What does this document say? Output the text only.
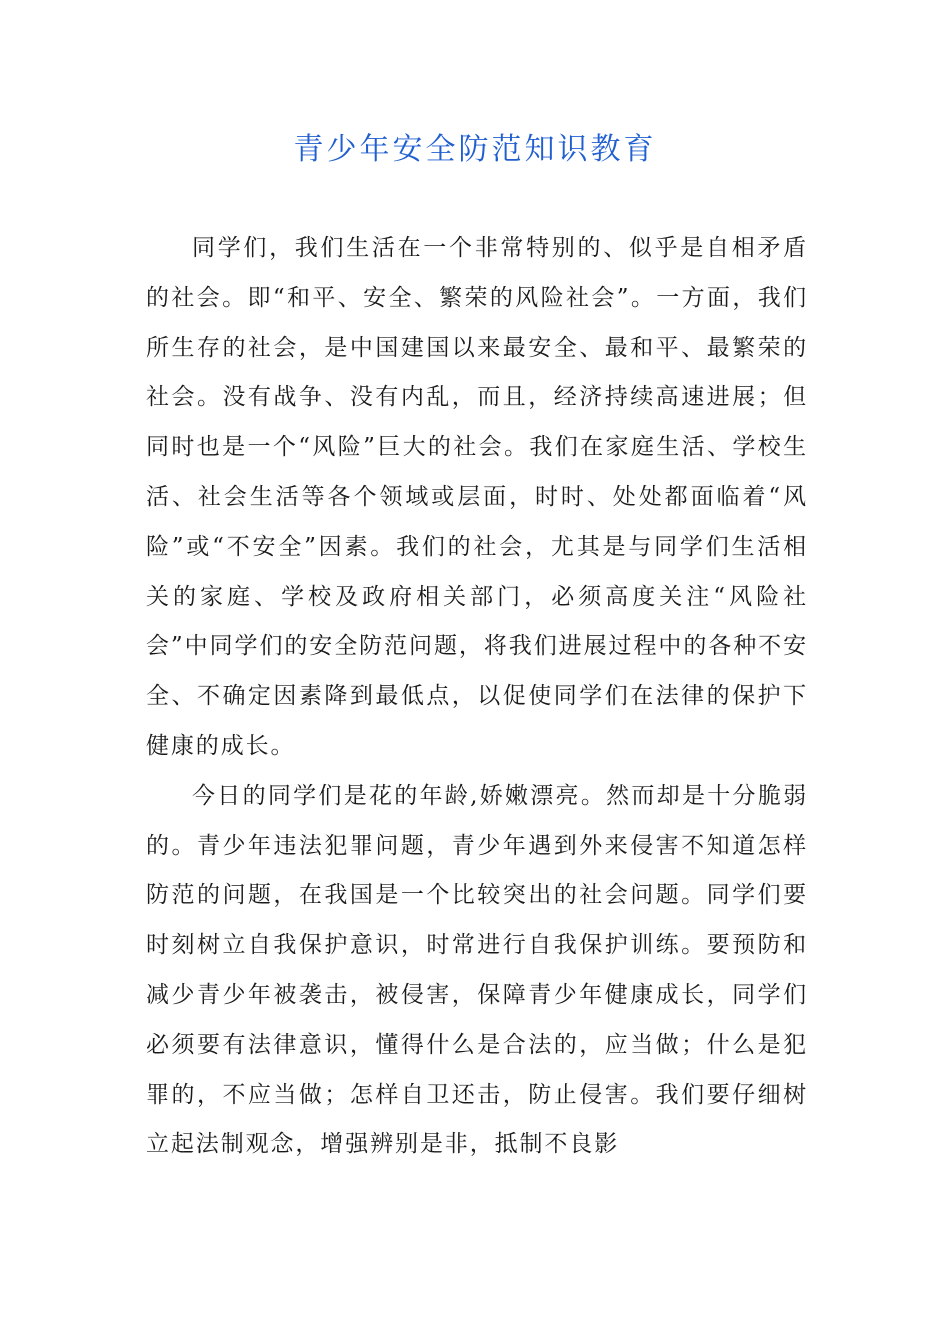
青少年安全防范知识教育

同学们，我们生活在一个非常特别的、似乎是自相矛盾的社会。即“和平、安全、繁荣的风险社会”。一方面，我们所生存的社会，是中国建国以来最安全、最和平、最繁荣的社会。没有战争、没有内乱，而且，经济持续高速进展；但同时也是一个“风险”巨大的社会。我们在家庭生活、学校生活、社会生活等各个领域或层面，时时、处处都面临着“风险”或“不安全”因素。我们的社会，尤其是与同学们生活相关的家庭、学校及政府相关部门，必须高度关注“风险社会”中同学们的安全防范问题，将我们进展过程中的各种不安全、不确定因素降到最低点，以促使同学们在法律的保护下健康的成长。

今日的同学们是花的年龄,娇嫩漂亮。然而却是十分脆弱的。青少年违法犯罪问题，青少年遇到外来侵害不知道怎样防范的问题，在我国是一个比较突出的社会问题。同学们要时刻树立自我保护意识，时常进行自我保护训练。要预防和减少青少年被袭击，被侵害，保障青少年健康成长，同学们必须要有法律意识，懂得什么是合法的，应当做；什么是犯罪的，不应当做；怎样自卫还击，防止侵害。我们要仔细树立起法制观念，增强辨别是非，抵制不良影
